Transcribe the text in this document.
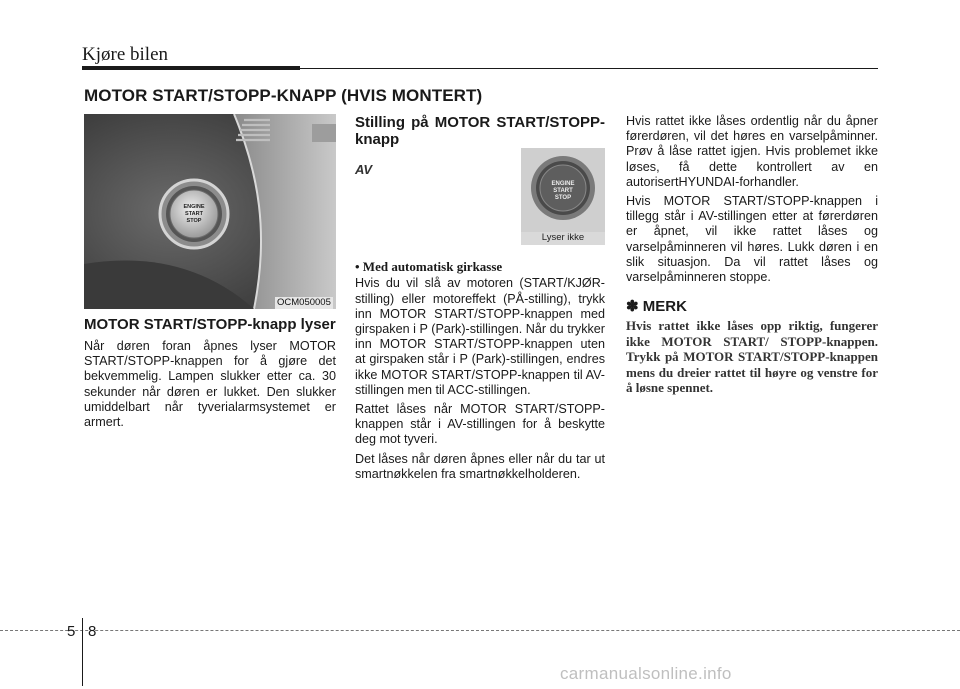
Kjøre bilen
MOTOR START/STOPP-KNAPP (HVIS MONTERT)
ENGINE
START
STOP
OCM050005
MOTOR START/STOPP-knapp lyser

Når døren foran åpnes lyser MOTOR START/STOPP-knappen for å gjøre det bekvemmelig. Lampen slukker etter ca. 30 sekunder når døren er lukket. Den slukker umiddelbart når tyverialarmsystemet er armert.

Stilling på MOTOR START/STOPP-knapp
AV
• Med automatisk girkasse

Hvis du vil slå av motoren (START/KJØR-stilling) eller motoreffekt (PÅ-stilling), trykk inn MOTOR START/STOPP-knappen med girspaken i P (Park)-stillingen. Når du trykker inn MOTOR START/STOPP-knappen uten at girspaken står i P (Park)-stillingen, endres ikke MOTOR START/STOPP-knappen til AV-stillingen men til ACC-stillingen.

Rattet låses når MOTOR START/STOPP-knappen står i AV-stillingen for å beskytte deg mot tyveri.

Det låses når døren åpnes eller når du tar ut smartnøkkelen fra smartnøkkelholderen.

ENGINE
START
STOP
Lyser ikke

Hvis rattet ikke låses ordentlig når du åpner førerdøren, vil det høres en varselpåminner. Prøv å låse rattet igjen. Hvis problemet ikke løses, få dette kontrollert av en autorisertHYUNDAI-forhandler.

Hvis MOTOR START/STOPP-knappen i tillegg står i AV-stillingen etter at førerdøren er åpnet, vil ikke rattet låses og varselpåminneren vil høres. Lukk døren i en slik situasjon. Da vil rattet låses og varselpåminneren stoppe.

✽ MERK
Hvis rattet ikke låses opp riktig, fungerer ikke MOTOR START/ STOPP-knappen. Trykk på MOTOR START/STOPP-knappen mens du dreier rattet til høyre og venstre for å løsne spennet.
5 8
carmanualsonline.info
